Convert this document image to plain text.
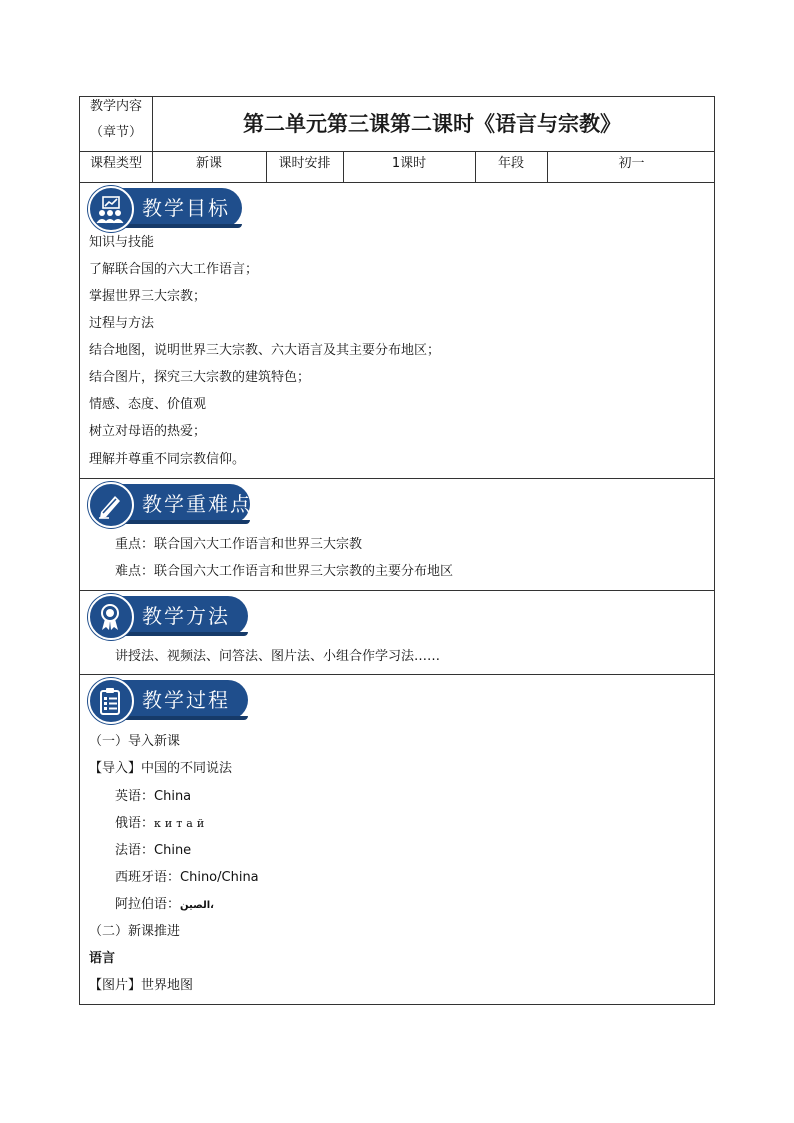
教学内容
（章节）	第二单元第三课第二课时《语言与宗教》
课程类型	新课	课时安排	1课时	年段	初一
教学目标
知识与技能
了解联合国的六大工作语言；
掌握世界三大宗教；
过程与方法
结合地图，说明世界三大宗教、六大语言及其主要分布地区；
结合图片，探究三大宗教的建筑特色；
情感、态度、价值观
树立对母语的热爱；
理解并尊重不同宗教信仰。
教学重难点
重点：联合国六大工作语言和世界三大宗教
难点：联合国六大工作语言和世界三大宗教的主要分布地区
教学方法
讲授法、视频法、问答法、图片法、小组合作学习法……
教学过程
（一）导入新课
【导入】中国的不同说法
英语：China
俄语：китай
法语：Chine
西班牙语：Chino/China
阿拉伯语：الصين،
（二）新课推进
语言
【图片】世界地图
